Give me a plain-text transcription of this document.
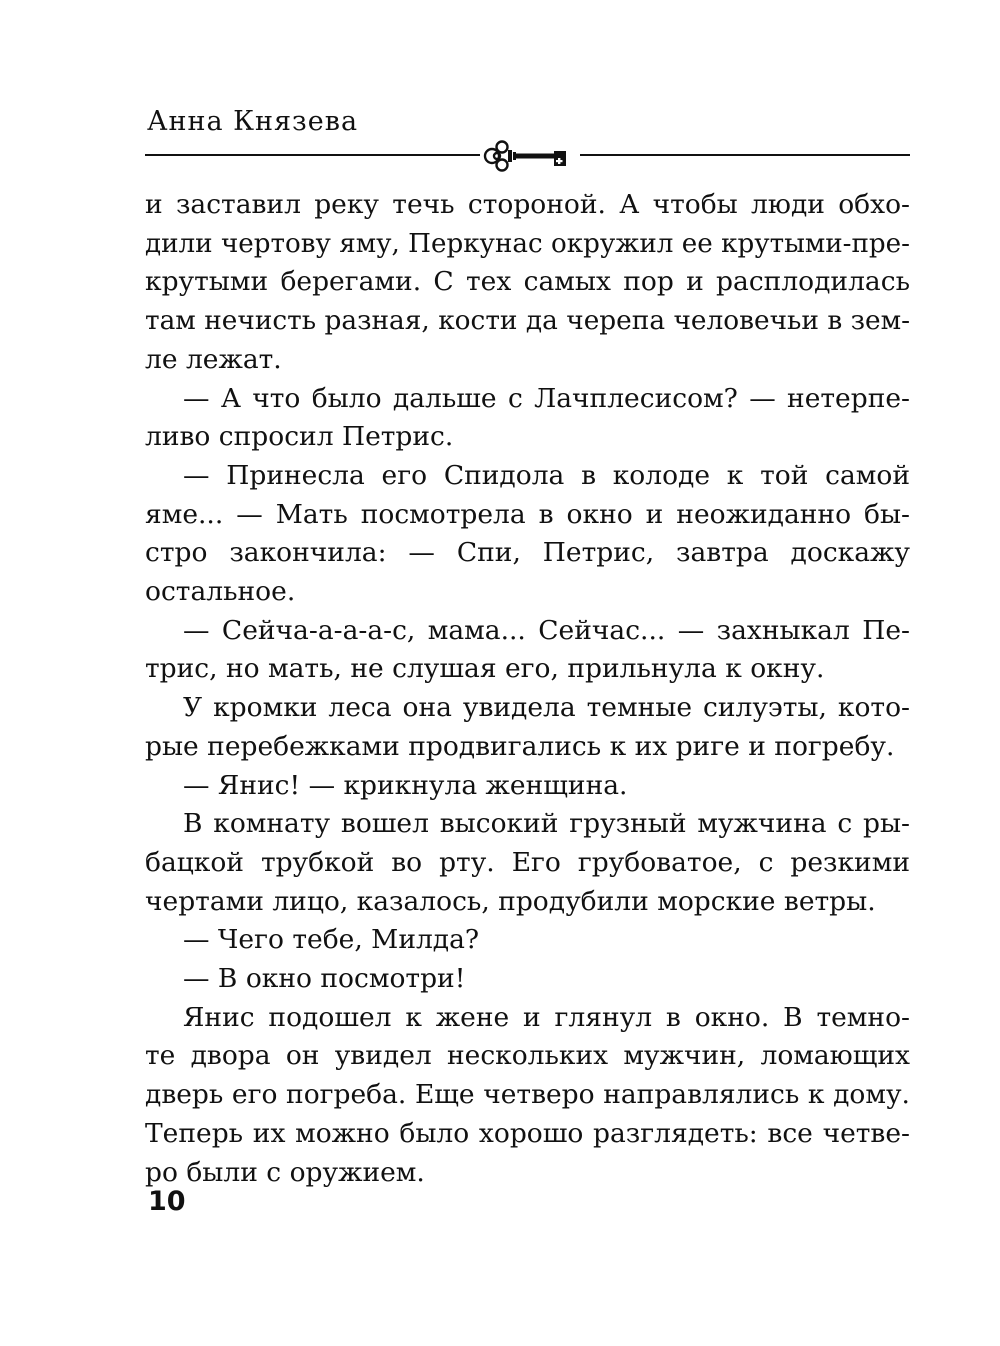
Анна Князева

и заставил реку течь стороной. А чтобы люди обхо-
дили чертову яму, Перкунас окружил ее крутыми-пре-
крутыми берегами. С тех самых пор и расплодилась
там нечисть разная, кости да черепа человечьи в зем-
ле лежат.

— А что было дальше с Лачплесисом? — нетерпе-
ливо спросил Петрис.

— Принесла его Спидола в колоде к той самой
яме... — Мать посмотрела в окно и неожиданно бы-
стро закончила: — Спи, Петрис, завтра доскажу
остальное.

— Сейча-а-а-а-с, мама... Сейчас... — захныкал Пе-
трис, но мать, не слушая его, прильнула к окну.

У кромки леса она увидела темные силуэты, кото-
рые перебежками продвигались к их риге и погребу.

— Янис! — крикнула женщина.

В комнату вошел высокий грузный мужчина с ры-
бацкой трубкой во рту. Его грубоватое, с резкими
чертами лицо, казалось, продубили морские ветры.

— Чего тебе, Милда?

— В окно посмотри!

Янис подошел к жене и глянул в окно. В темно-
те двора он увидел нескольких мужчин, ломающих
дверь его погреба. Еще четверо направлялись к дому.
Теперь их можно было хорошо разглядеть: все четве-
ро были с оружием.

10
